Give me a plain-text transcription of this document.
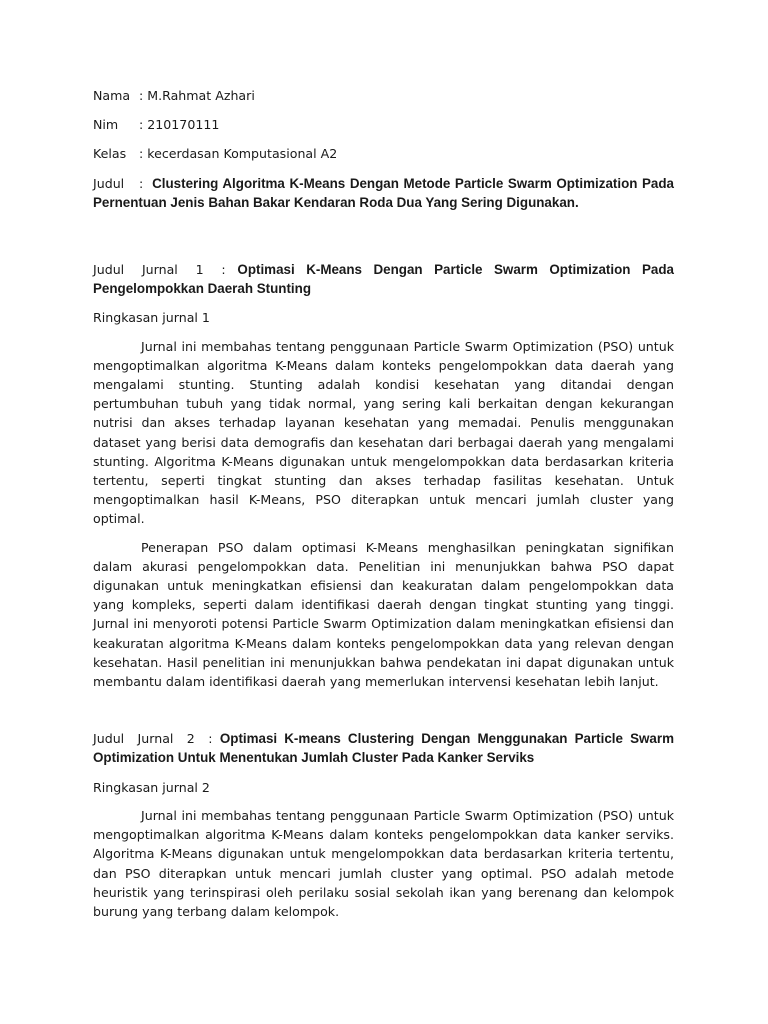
Nama : M.Rahmat Azhari
Nim	: 210170111
Kelas	: kecerdasan Komputasional A2
Judul : Clustering Algoritma K-Means Dengan Metode Particle Swarm Optimization Pada Pernentuan Jenis Bahan Bakar Kendaran Roda Dua Yang Sering Digunakan.
Judul Jurnal 1 : Optimasi K-Means Dengan Particle Swarm Optimization Pada Pengelompokkan Daerah Stunting
Ringkasan jurnal 1

Jurnal ini membahas tentang penggunaan Particle Swarm Optimization (PSO) untuk mengoptimalkan algoritma K-Means dalam konteks pengelompokkan data daerah yang mengalami stunting. Stunting adalah kondisi kesehatan yang ditandai dengan pertumbuhan tubuh yang tidak normal, yang sering kali berkaitan dengan kekurangan nutrisi dan akses terhadap layanan kesehatan yang memadai. Penulis menggunakan dataset yang berisi data demografis dan kesehatan dari berbagai daerah yang mengalami stunting. Algoritma K-Means digunakan untuk mengelompokkan data berdasarkan kriteria tertentu, seperti tingkat stunting dan akses terhadap fasilitas kesehatan. Untuk mengoptimalkan hasil K-Means, PSO diterapkan untuk mencari jumlah cluster yang optimal.

Penerapan PSO dalam optimasi K-Means menghasilkan peningkatan signifikan dalam akurasi pengelompokkan data. Penelitian ini menunjukkan bahwa PSO dapat digunakan untuk meningkatkan efisiensi dan keakuratan dalam pengelompokkan data yang kompleks, seperti dalam identifikasi daerah dengan tingkat stunting yang tinggi. Jurnal ini menyoroti potensi Particle Swarm Optimization dalam meningkatkan efisiensi dan keakuratan algoritma K-Means dalam konteks pengelompokkan data yang relevan dengan kesehatan. Hasil penelitian ini menunjukkan bahwa pendekatan ini dapat digunakan untuk membantu dalam identifikasi daerah yang memerlukan intervensi kesehatan lebih lanjut.

Judul Jurnal 2 : Optimasi K-means Clustering Dengan Menggunakan Particle Swarm Optimization Untuk Menentukan Jumlah Cluster Pada Kanker Serviks
Ringkasan jurnal 2

Jurnal ini membahas tentang penggunaan Particle Swarm Optimization (PSO) untuk mengoptimalkan algoritma K-Means dalam konteks pengelompokkan data kanker serviks. Algoritma K-Means digunakan untuk mengelompokkan data berdasarkan kriteria tertentu, dan PSO diterapkan untuk mencari jumlah cluster yang optimal. PSO adalah metode heuristik yang terinspirasi oleh perilaku sosial sekolah ikan yang berenang dan kelompok burung yang terbang dalam kelompok.
